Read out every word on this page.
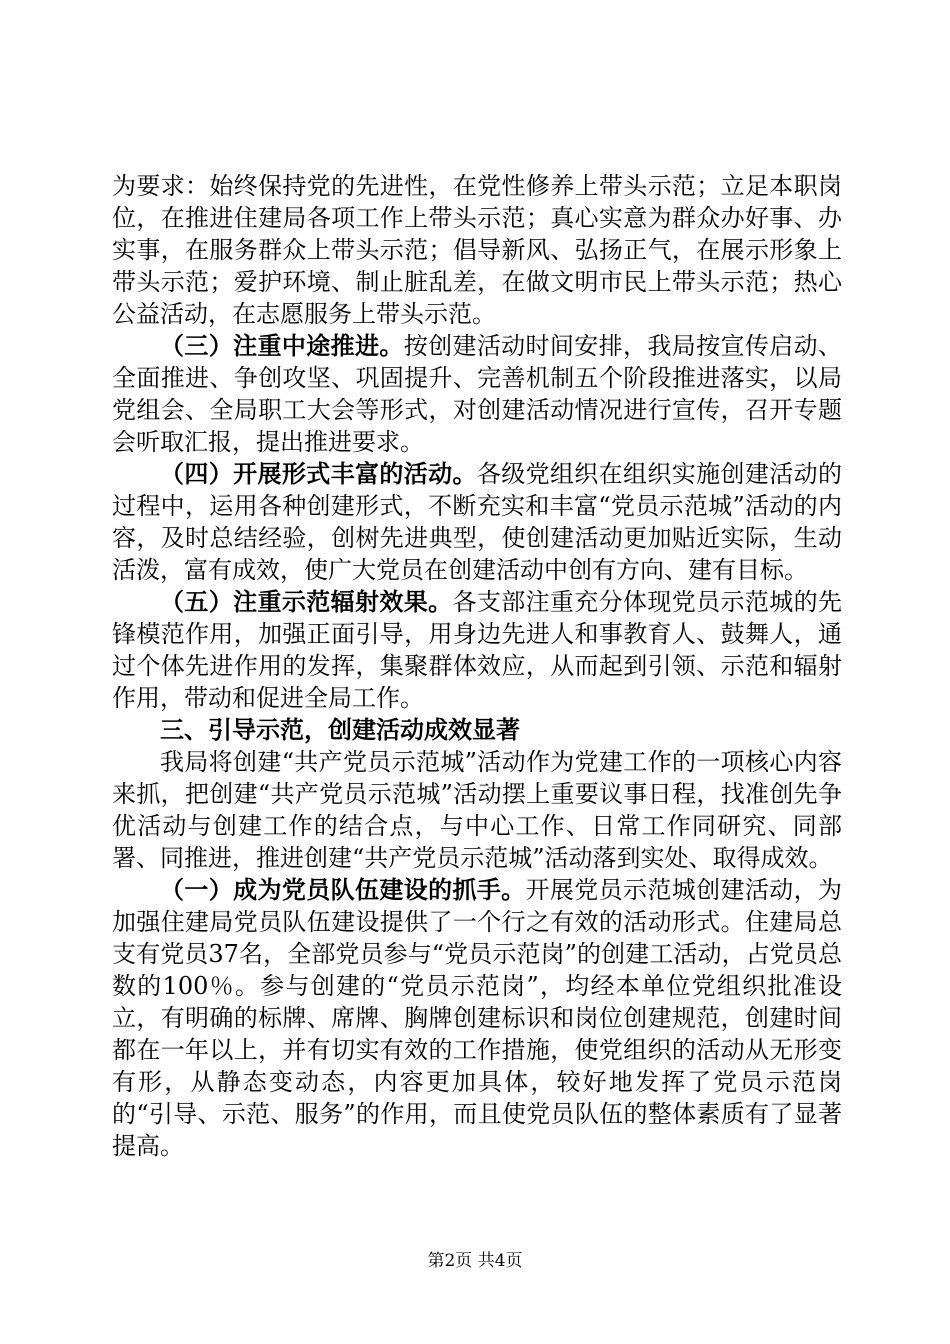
为要求：始终保持党的先进性，在党性修养上带头示范；立足本职岗位，在推进住建局各项工作上带头示范；真心实意为群众办好事、办实事，在服务群众上带头示范；倡导新风、弘扬正气，在展示形象上带头示范；爱护环境、制止脏乱差，在做文明市民上带头示范；热心公益活动，在志愿服务上带头示范。

（三）注重中途推进。按创建活动时间安排，我局按宣传启动、全面推进、争创攻坚、巩固提升、完善机制五个阶段推进落实，以局党组会、全局职工大会等形式，对创建活动情况进行宣传，召开专题会听取汇报，提出推进要求。

（四）开展形式丰富的活动。各级党组织在组织实施创建活动的过程中，运用各种创建形式，不断充实和丰富“党员示范城”活动的内容，及时总结经验，创树先进典型，使创建活动更加贴近实际，生动活泼，富有成效，使广大党员在创建活动中创有方向、建有目标。

（五）注重示范辐射效果。各支部注重充分体现党员示范城的先锋模范作用，加强正面引导，用身边先进人和事教育人、鼓舞人，通过个体先进作用的发挥，集聚群体效应，从而起到引领、示范和辐射作用，带动和促进全局工作。

三、引导示范，创建活动成效显著

我局将创建“共产党员示范城”活动作为党建工作的一项核心内容来抓，把创建“共产党员示范城”活动摆上重要议事日程，找准创先争优活动与创建工作的结合点，与中心工作、日常工作同研究、同部署、同推进，推进创建“共产党员示范城”活动落到实处、取得成效。

（一）成为党员队伍建设的抓手。开展党员示范城创建活动，为加强住建局党员队伍建设提供了一个行之有效的活动形式。住建局总支有党员37名，全部党员参与“党员示范岗”的创建工活动，占党员总数的100％。参与创建的“党员示范岗”，均经本单位党组织批准设立，有明确的标牌、席牌、胸牌创建标识和岗位创建规范，创建时间都在一年以上，并有切实有效的工作措施，使党组织的活动从无形变有形，从静态变动态，内容更加具体，较好地发挥了党员示范岗的“引导、示范、服务”的作用，而且使党员队伍的整体素质有了显著提高。

第2页 共4页
